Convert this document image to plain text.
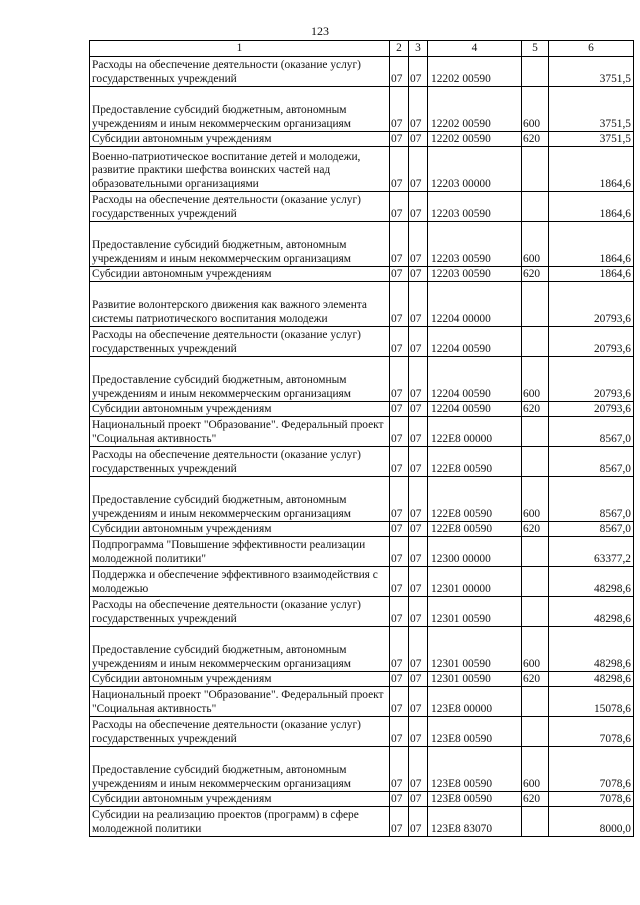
123
1	2	3	4	5	6
Расходы на обеспечение деятельности (оказание услуг) государственных учреждений	07	07	12202 00590		3751,5
Предоставление субсидий бюджетным, автономным учреждениям и иным некоммерческим организациям	07	07	12202 00590	600	3751,5
Субсидии автономным учреждениям	07	07	12202 00590	620	3751,5
Военно-патриотическое воспитание детей и молодежи, развитие практики шефства воинских частей над образовательными организациями	07	07	12203 00000		1864,6
Расходы на обеспечение деятельности (оказание услуг) государственных учреждений	07	07	12203 00590		1864,6
Предоставление субсидий бюджетным, автономным учреждениям и иным некоммерческим организациям	07	07	12203 00590	600	1864,6
Субсидии автономным учреждениям	07	07	12203 00590	620	1864,6
Развитие волонтерского движения как важного элемента системы патриотического воспитания молодежи	07	07	12204 00000		20793,6
Расходы на обеспечение деятельности (оказание услуг) государственных учреждений	07	07	12204 00590		20793,6
Предоставление субсидий бюджетным, автономным учреждениям и иным некоммерческим организациям	07	07	12204 00590	600	20793,6
Субсидии автономным учреждениям	07	07	12204 00590	620	20793,6
Национальный проект "Образование". Федеральный проект "Социальная активность"	07	07	122E8 00000		8567,0
Расходы на обеспечение деятельности (оказание услуг) государственных учреждений	07	07	122E8 00590		8567,0
Предоставление субсидий бюджетным, автономным учреждениям и иным некоммерческим организациям	07	07	122E8 00590	600	8567,0
Субсидии автономным учреждениям	07	07	122E8 00590	620	8567,0
Подпрограмма "Повышение эффективности реализации молодежной политики"	07	07	12300 00000		63377,2
Поддержка и обеспечение эффективного взаимодействия с молодежью	07	07	12301 00000		48298,6
Расходы на обеспечение деятельности (оказание услуг) государственных учреждений	07	07	12301 00590		48298,6
Предоставление субсидий бюджетным, автономным учреждениям и иным некоммерческим организациям	07	07	12301 00590	600	48298,6
Субсидии автономным учреждениям	07	07	12301 00590	620	48298,6
Национальный проект "Образование". Федеральный проект "Социальная активность"	07	07	123E8 00000		15078,6
Расходы на обеспечение деятельности (оказание услуг) государственных учреждений	07	07	123E8 00590		7078,6
Предоставление субсидий бюджетным, автономным учреждениям и иным некоммерческим организациям	07	07	123E8 00590	600	7078,6
Субсидии автономным учреждениям	07	07	123E8 00590	620	7078,6
Субсидии на реализацию проектов (программ) в сфере молодежной политики	07	07	123E8 83070		8000,0
